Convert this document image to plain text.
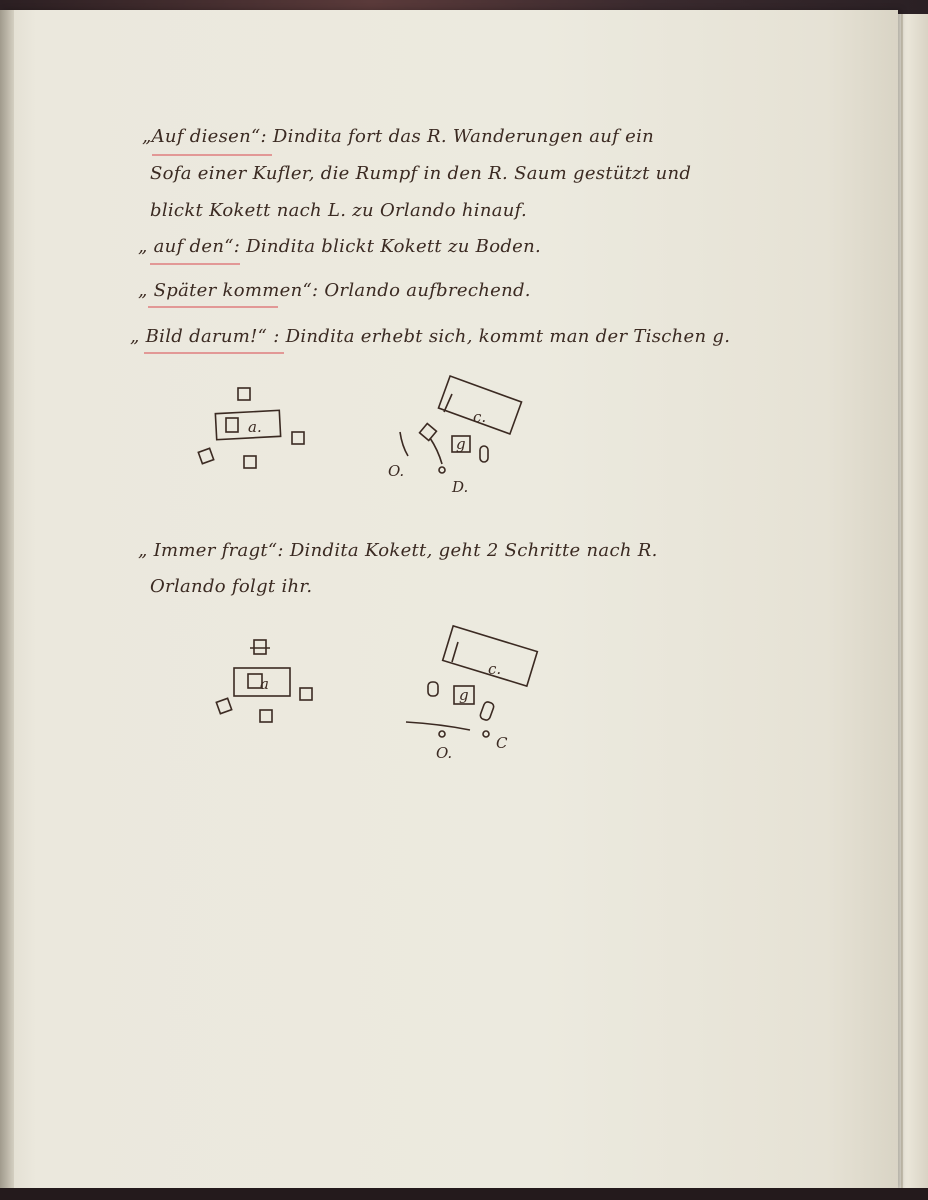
„Auf diesen“: Dindita fort das R. Wanderungen auf ein
Sofa einer Kufler, die Rumpf in den R. Saum gestützt und
blickt Kokett nach L. zu Orlando hinauf.
„ auf den“: Dindita blickt Kokett zu Boden.
„ Später kommen“: Orlando aufbrechend.
„ Bild darum!“ : Dindita erhebt sich, kommt man der Tischen g.
a.
c.
g
O.
D.
„ Immer fragt“: Dindita Kokett, geht 2 Schritte nach R.
Orlando folgt ihr.
a
c.
g
O.
C
